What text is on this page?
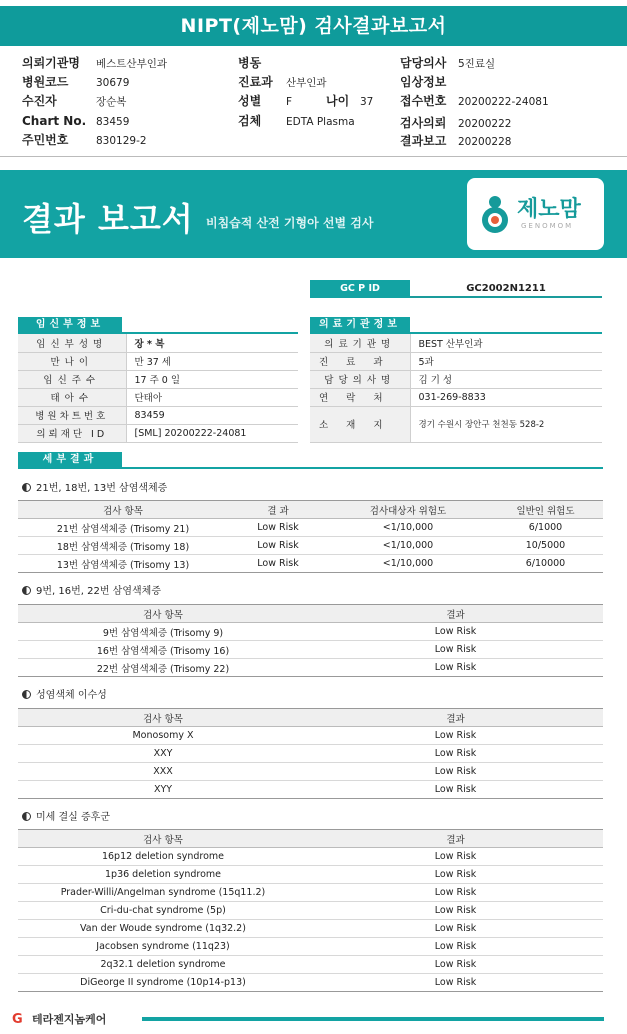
NIPT(제노맘) 검사결과보고서
의뢰기관명 베스트산부인과
병원코드	30679
수진자	장순복
Chart No. 83459
주민번호	830129-2
병동
진료과 산부인과
성별 F	나이 37
검체 EDTA Plasma
담당의사 5진료실
임상정보
접수번호 20200222-24081
검사의뢰 20200222
결과보고 20200228
결과 보고서 비침습적 산전 기형아 선별 검사
제노맘
GENOMOM
GC P ID	GC2002N1211
임신부정보
임신부성명	장 * 복
만나이	만 37 세
임신주수	17 주 0 일
태아수	단태아
병원차트번호	83459
의뢰재단 ID	[SML] 20200222-24081
의료기관정보
의료기관명	BEST 산부인과
진료과	5과
담당의사명	김 기 성
연락처	031-269-8833
소재지	경기 수원시 장안구 천천동 528-2
세부결과
21번, 18번, 13번 삼염색체증
검사 항목	결 과	검사대상자 위험도	일반인 위험도
21번 삼염색체증 (Trisomy 21)	Low Risk	<1/10,000	6/1000
18번 삼염색체증 (Trisomy 18)	Low Risk	<1/10,000	10/5000
13번 삼염색체증 (Trisomy 13)	Low Risk	<1/10,000	6/10000
9번, 16번, 22번 삼염색체증
검사 항목	결과
9번 삼염색체증 (Trisomy 9)	Low Risk
16번 삼염색체증 (Trisomy 16)	Low Risk
22번 삼염색체증 (Trisomy 22)	Low Risk
성염색체 이수성
검사 항목	결과
Monosomy X	Low Risk
XXY	Low Risk
XXX	Low Risk
XYY	Low Risk
미세 결실 증후군
검사 항목	결과
16p12 deletion syndrome	Low Risk
1p36 deletion syndrome	Low Risk
Prader-Willi/Angelman syndrome (15q11.2)	Low Risk
Cri-du-chat syndrome (5p)	Low Risk
Van der Woude syndrome (1q32.2)	Low Risk
Jacobsen syndrome (11q23)	Low Risk
2q32.1 deletion syndrome	Low Risk
DiGeorge II syndrome (10p14-p13)	Low Risk
G 테라젠지놈케어
